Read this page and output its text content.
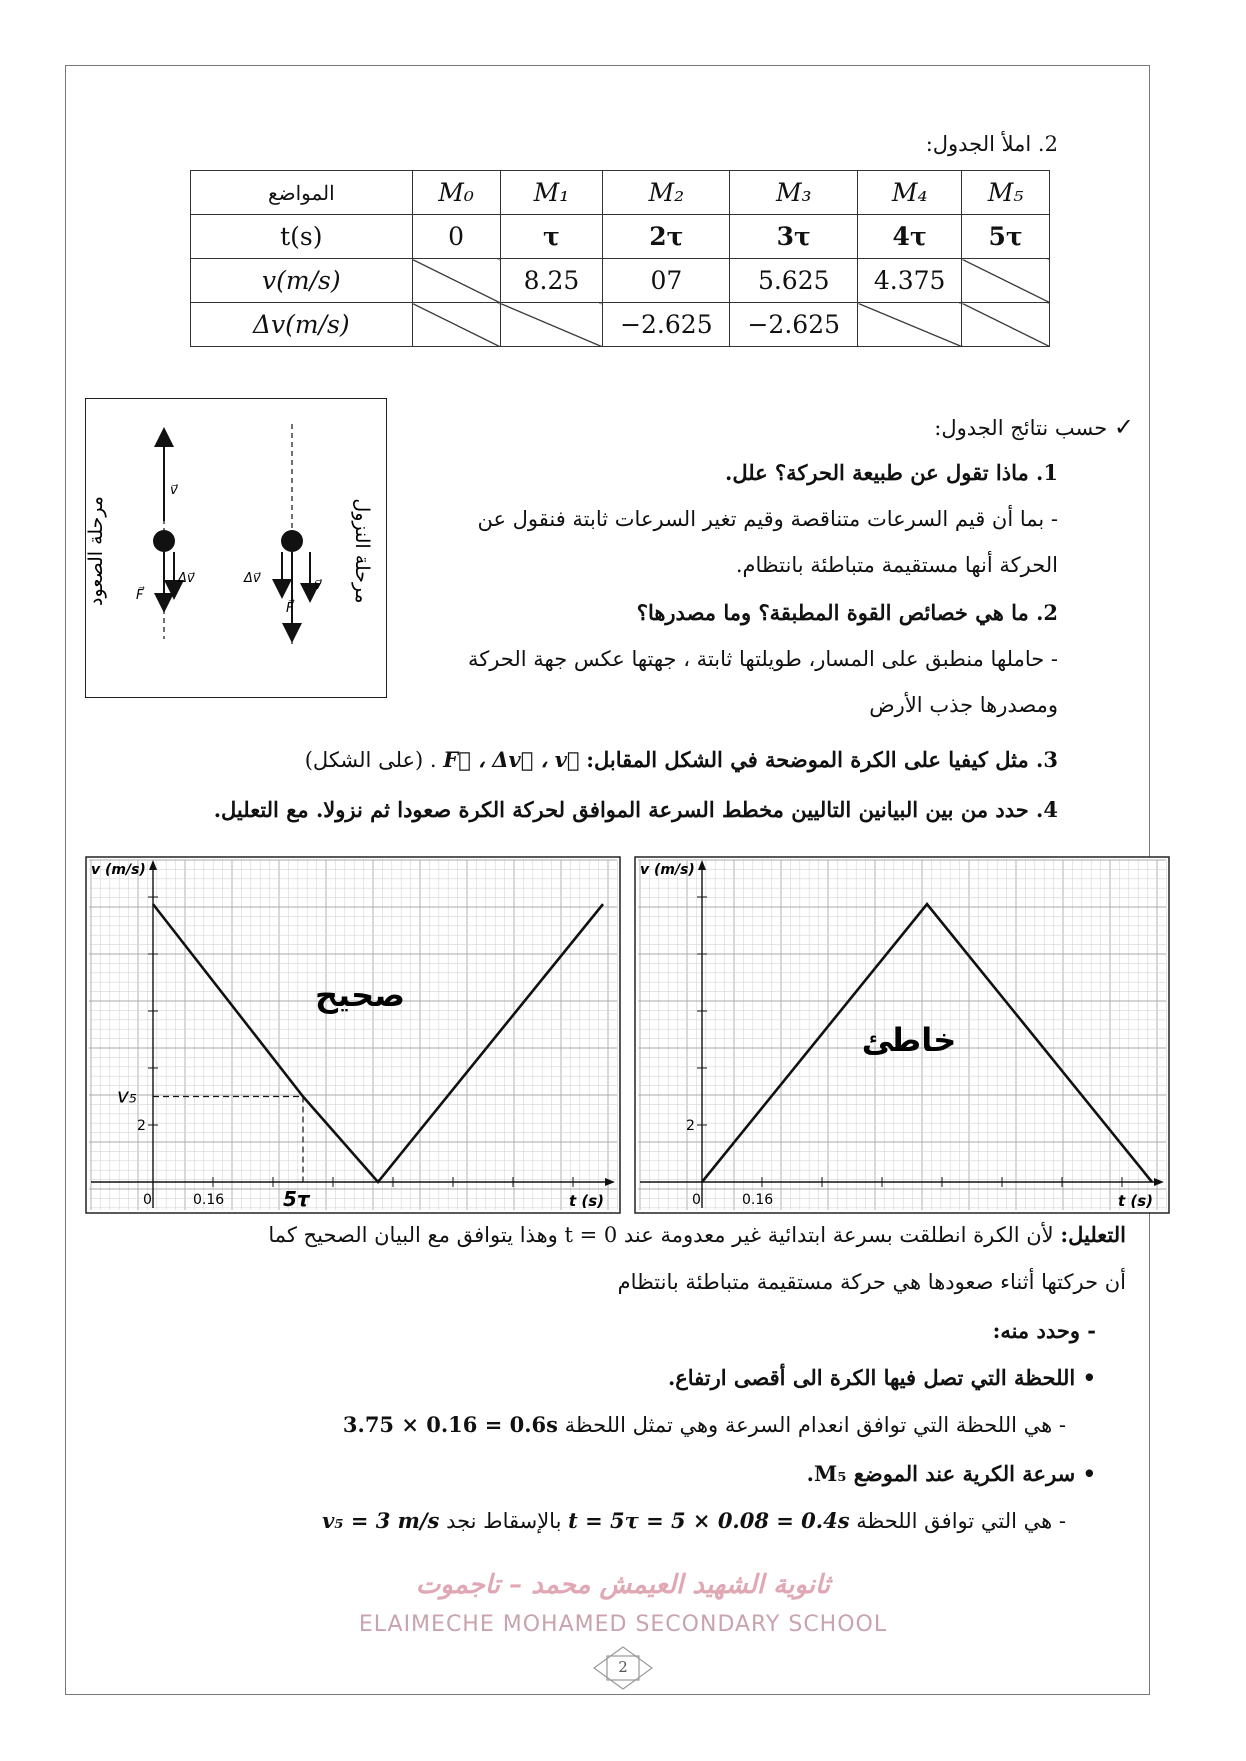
2. املأ الجدول:
المواضع	M₀	M₁	M₂	M₃	M₄	M₅
t(s)	0	τ	2τ	3τ	4τ	5τ
v(m/s)		8.25	07	5.625	4.375	
Δv(m/s)			−2.625	−2.625		
v⃗
Δv⃗
F⃗
Δv⃗
F⃗
v⃗
مرحلة الصعود	مرحلة النزول
✓ حسب نتائج الجدول:
1. ماذا تقول عن طبيعة الحركة؟ علل.
- بما أن قيم السرعات متناقصة وقيم تغير السرعات ثابتة فنقول عن
الحركة أنها مستقيمة متباطئة بانتظام.
2. ما هي خصائص القوة المطبقة؟ وما مصدرها؟
- حاملها منطبق على المسار، طويلتها ثابتة ، جهتها عكس جهة الحركة
ومصدرها جذب الأرض
3. مثل كيفيا على الكرة الموضحة في الشكل المقابل: F⃗ ، Δv⃗ ، v⃗ . (على الشكل)
4. حدد من بين البيانين التاليين مخطط السرعة الموافق لحركة الكرة صعودا ثم نزولا. مع التعليل.
0	0.16
2
t (s)
v (m/s)
صحيح
v₅
5τ	0	0.16
2
t (s)
v (m/s)
خاطئ
التعليل: لأن الكرة انطلقت بسرعة ابتدائية غير معدومة عند t = 0 وهذا يتوافق مع البيان الصحيح كما
أن حركتها أثناء صعودها هي حركة مستقيمة متباطئة بانتظام
- وحدد منه:
• اللحظة التي تصل فيها الكرة الى أقصى ارتفاع.
- هي اللحظة التي توافق انعدام السرعة وهي تمثل اللحظة 3.75 × 0.16 = 0.6s
• سرعة الكرية عند الموضع M₅.
- هي التي توافق اللحظة t = 5τ = 5 × 0.08 = 0.4s بالإسقاط نجد v₅ = 3 m/s
ثانوية الشهيد العيمش محمد – تاجموت
ELAIMECHE MOHAMED SECONDARY SCHOOL
2
